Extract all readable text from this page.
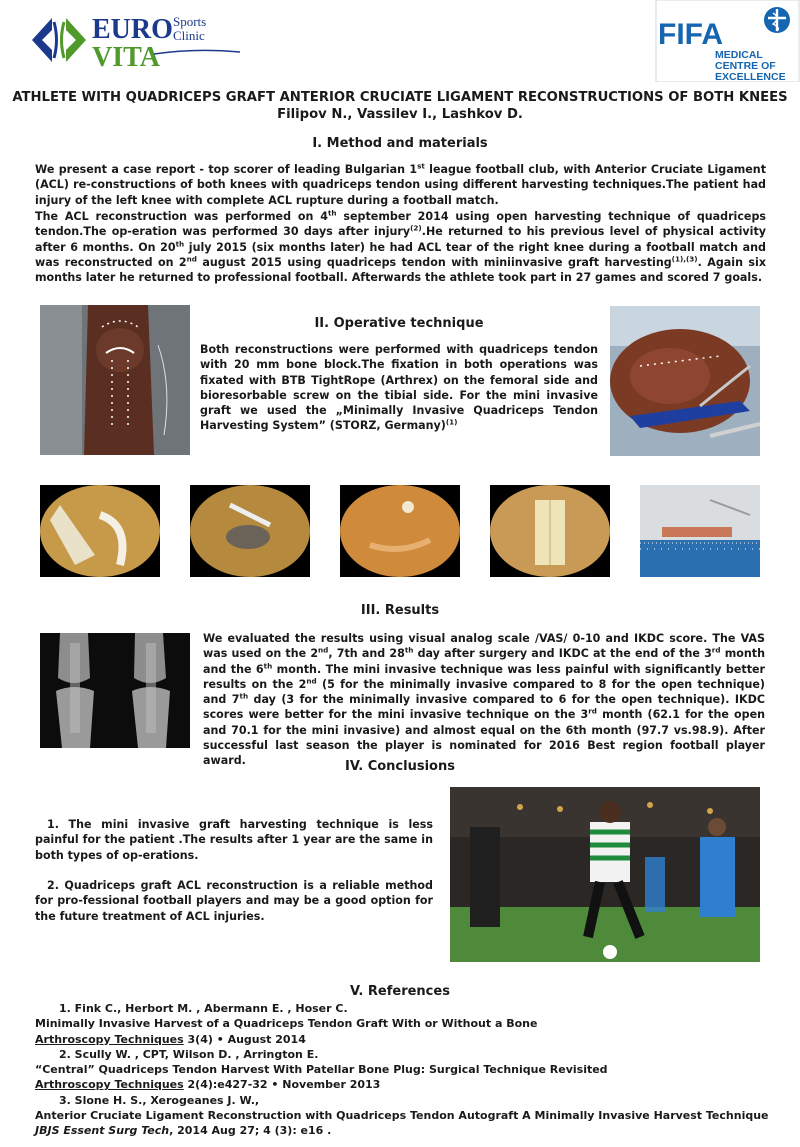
EURO
VITA
Sports
Clinic	FIFA
MEDICAL
CENTRE OF
EXCELLENCE
ATHLETE WITH QUADRICEPS GRAFT ANTERIOR CRUCIATE LIGAMENT RECONSTRUCTIONS OF BOTH KNEES
Filipov N., Vassilev I., Lashkov D.
I. Method and materials
We present a case report - top scorer of leading Bulgarian 1st league football club, with Anterior Cruciate Ligament (ACL) re-constructions of both knees with quadriceps tendon using different harvesting techniques.The patient had injury of the left knee with complete ACL rupture during a football match.
The ACL reconstruction was performed on 4th september 2014 using open harvesting technique of quadriceps tendon.The op-eration was performed 30 days after injury$^{(2)}$.He returned to his previous level of physical activity after 6 months. On 20th july 2015 (six months later) he had ACL tear of the right knee during a football match and was reconstructed on 2nd august 2015 using quadriceps tendon with miniinvasive graft harvesting$^{(1),(3)}$. Again six months later he returned to professional football. Afterwards the athlete took part in 27 games and scored 7 goals.
II. Operative technique
Both reconstructions were performed with quadriceps tendon with 20 mm bone block.The fixation in both operations was fixated with BTB TightRope (Arthrex) on the femoral side and bioresorbable screw on the tibial side. For the mini invasive graft we used the „Minimally Invasive Quadriceps Tendon Harvesting System” (STORZ, Germany)$^{(1)}$
III. Results
We evaluated the results using visual analog scale /VAS/ 0-10 and IKDC score. The VAS was used on the 2nd, 7th and 28th day after surgery and IKDC at the end of the 3rd month and the 6th month. The mini invasive technique was less painful with significantly better results on the 2nd (5 for the minimally invasive compared to 8 for the open technique) and 7th day (3 for the minimally invasive compared to 6 for the open technique). IKDC scores were better for the mini invasive technique on the 3rd month (62.1 for the open and 70.1 for the mini invasive) and almost equal on the 6th month (97.7 vs.98.9). After successful last season the player is nominated for 2016 Best region football player award.	IV. Conclusions
1. The mini invasive graft harvesting technique is less painful for the patient .The results after 1 year are the same in both types of op-erations.
2. Quadriceps graft ACL reconstruction is a reliable method for pro-fessional football players and may be a good option for the future treatment of ACL injuries.
V. References
1. Fink C., Herbort M. , Abermann E. , Hoser C.
Minimally Invasive Harvest of a Quadriceps Tendon Graft With or Without a Bone
Arthroscopy Techniques 3(4) • August 2014
2. Scully W. , CPT, Wilson D. , Arrington E.
“Central” Quadriceps Tendon Harvest With Patellar Bone Plug: Surgical Technique Revisited
Arthroscopy Techniques 2(4):e427-32 • November 2013
3. Slone H. S., Xerogeanes J. W.,
Anterior Cruciate Ligament Reconstruction with Quadriceps Tendon Autograft A Minimally Invasive Harvest Technique
JBJS Essent Surg Tech, 2014 Aug 27; 4 (3): e16 .
